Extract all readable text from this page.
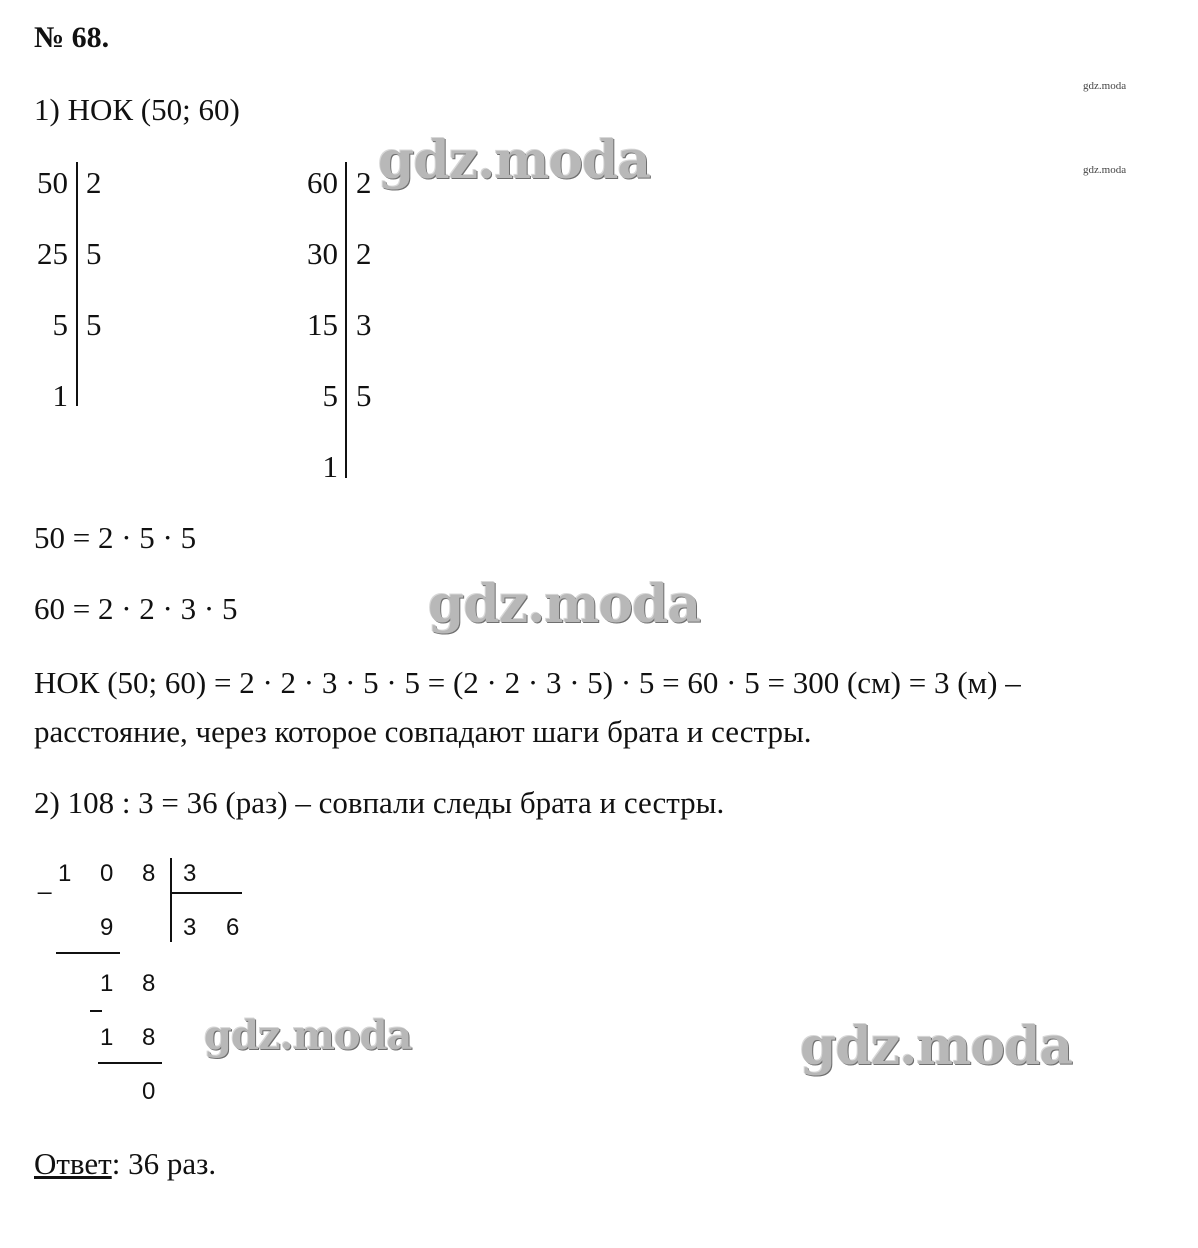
№ 68.
gdz.moda
gdz.moda
1) НОК (50; 60)
50
25
5
1
2
5
5
60
30
15
5
1
2
2
3
5
gdz.moda
50 = 2 · 5 · 5
60 = 2 · 2 · 3 · 5	gdz.moda
НОК (50; 60) = 2 · 2 · 3 · 5 · 5 = (2 · 2 · 3 · 5) · 5 = 60 · 5 = 300 (см) = 3 (м) –
расстояние, через которое совпадают шаги брата и сестры.
2) 108 : 3 = 36 (раз) – совпали следы брата и сестры.
_ 1 0 8 3
3 6
9
1 8
1 8
0
gdz.moda	gdz.moda
Ответ: 36 раз.
